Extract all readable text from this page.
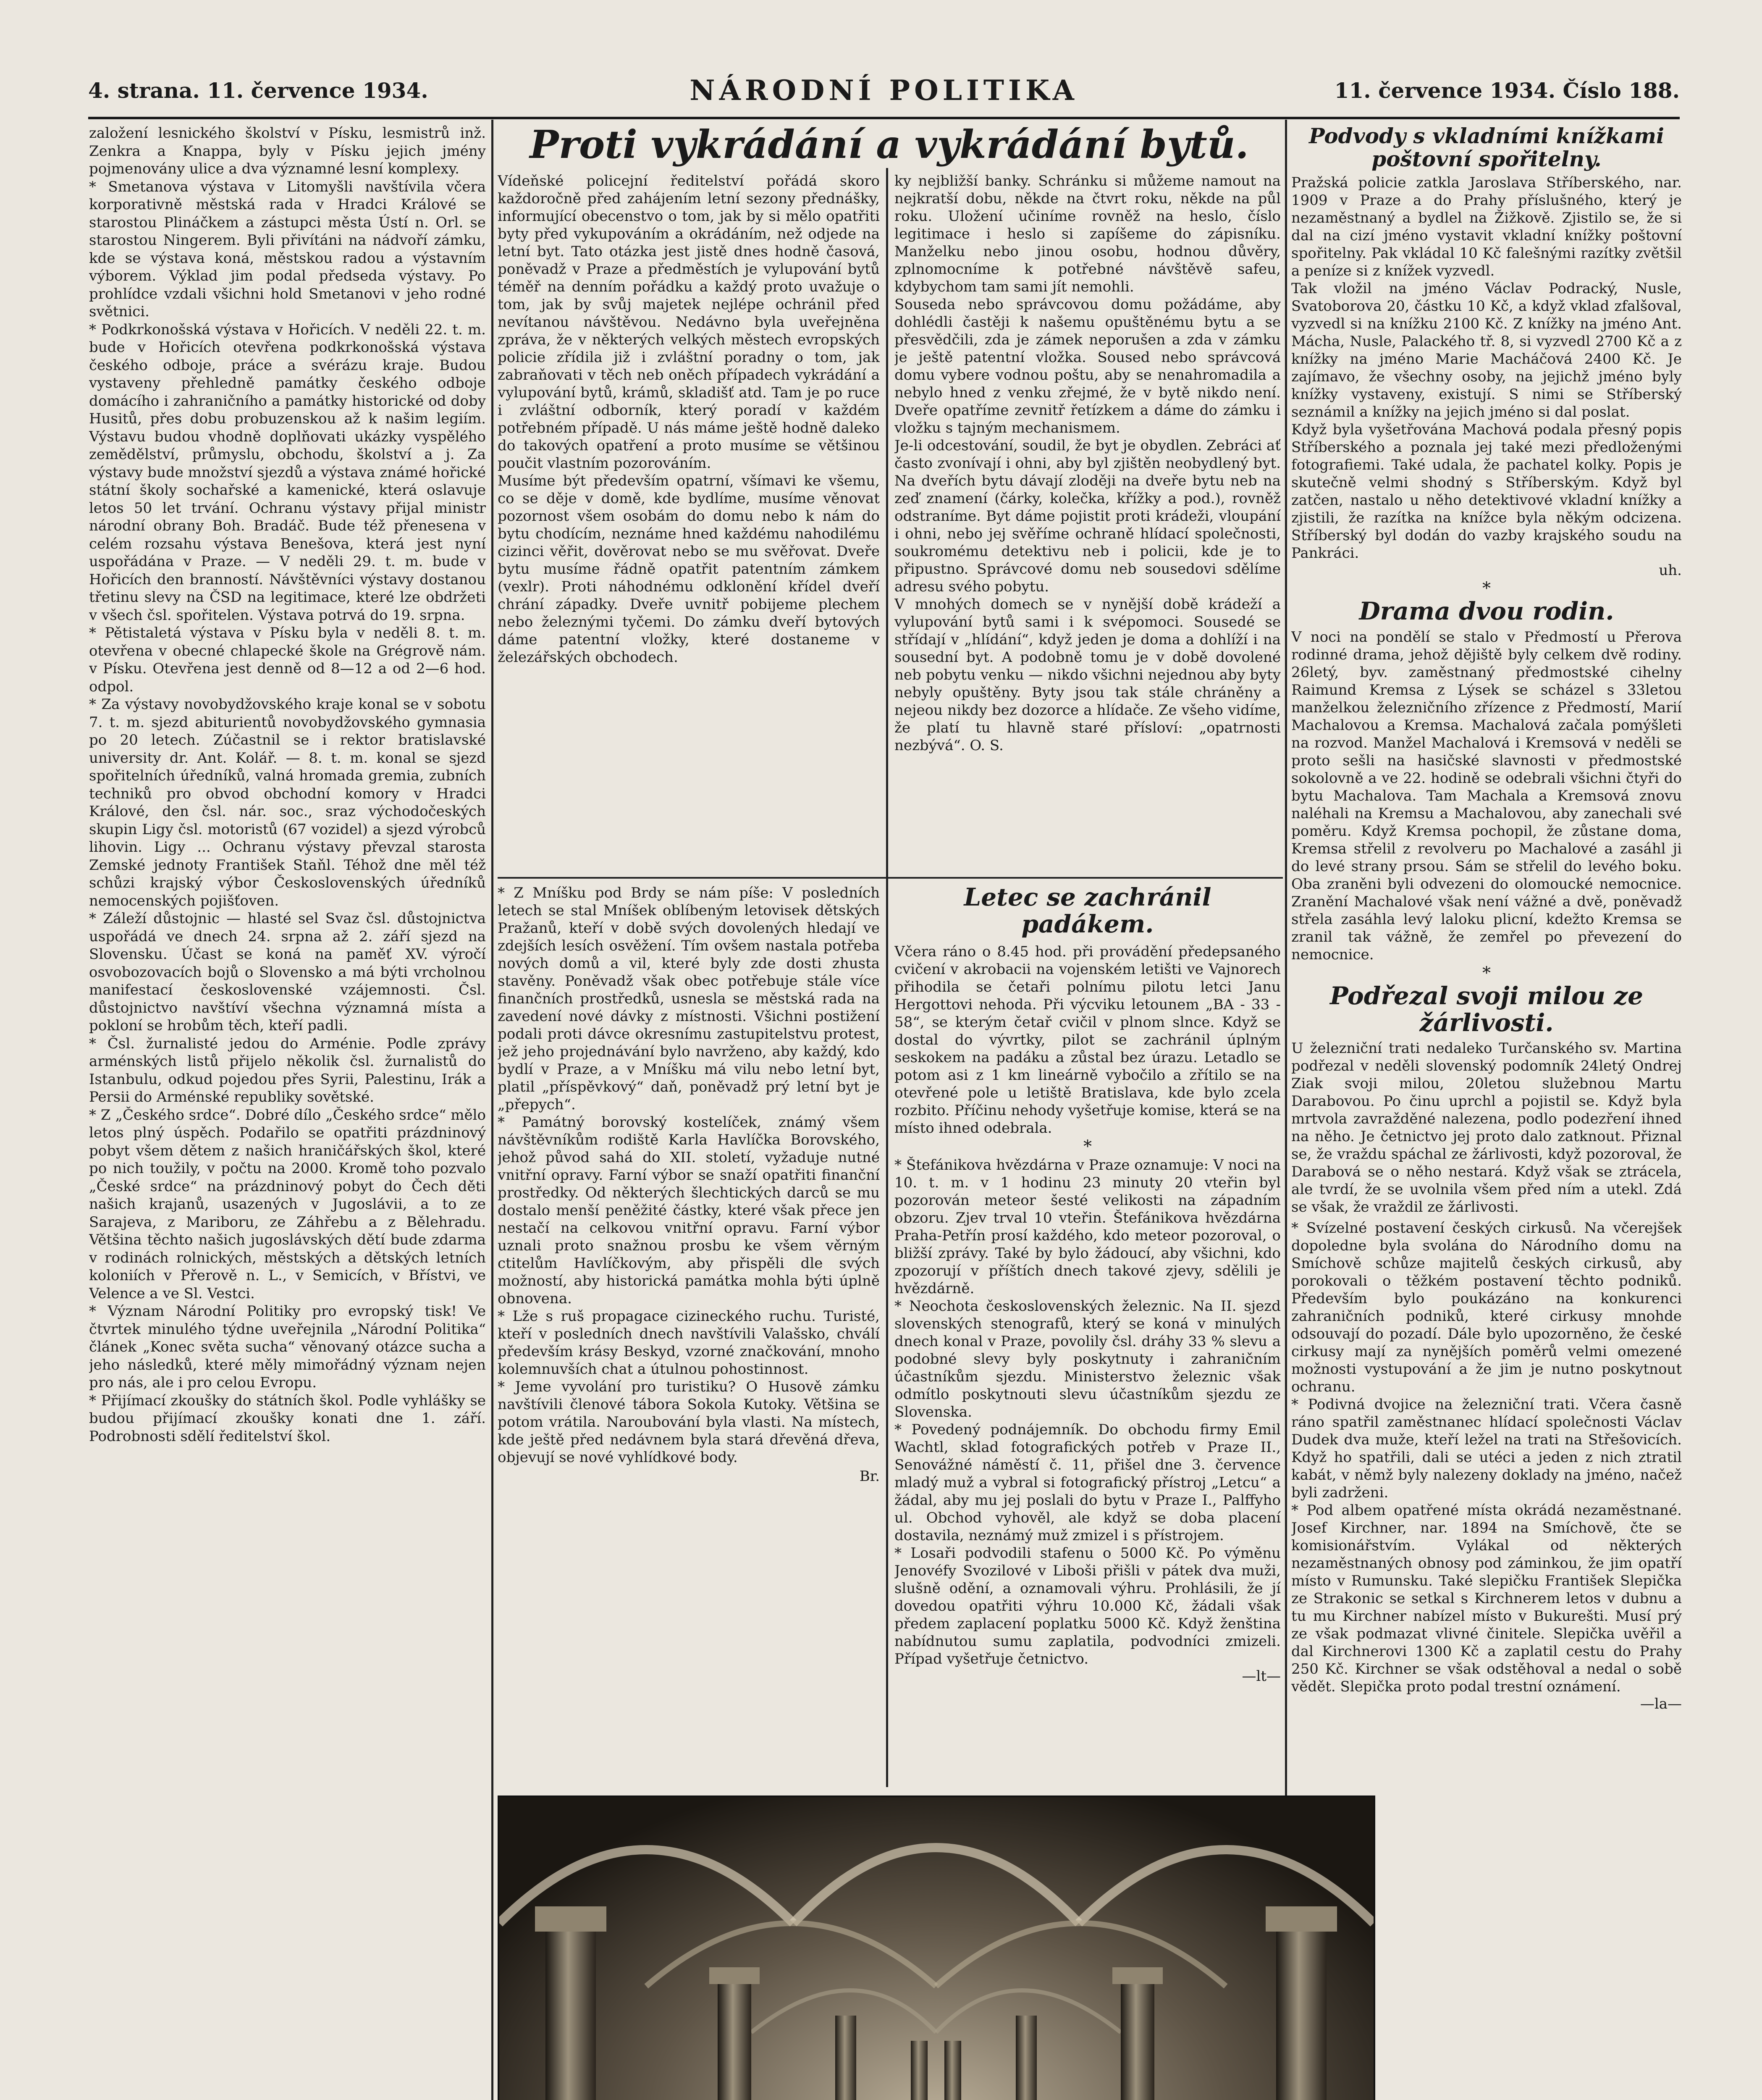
4. strana. 11. července 1934.	NÁRODNÍ POLITIKA	11. července 1934. Číslo 188.
založení lesnického školství v Písku, lesmistrů inž. Zenkra a Knappa, byly v Písku jejich jmény pojmenovány ulice a dva významné lesní komplexy.
* Smetanova výstava v Litomyšli navštívila včera korporativně městská rada v Hradci Králové se starostou Plináčkem a zástupci města Ústí n. Orl. se starostou Ningerem. Byli přivítáni na nádvoří zámku, kde se výstava koná, městskou radou a výstavním výborem. Výklad jim podal předseda výstavy. Po prohlídce vzdali všichni hold Smetanovi v jeho rodné světnici.
* Podkrkonošská výstava v Hořicích. V neděli 22. t. m. bude v Hořicích otevřena podkrkonošská výstava českého odboje, práce a svérázu kraje. Budou vystaveny přehledně památky českého odboje domácího i zahraničního a památky historické od doby Husitů, přes dobu probuzenskou až k našim legiím. Výstavu budou vhodně doplňovati ukázky vyspělého zemědělství, průmyslu, obchodu, školství a j. Za výstavy bude množství sjezdů a výstava známé hořické státní školy sochařské a kamenické, která oslavuje letos 50 let trvání. Ochranu výstavy přijal ministr národní obrany Boh. Bradáč. Bude též přenesena v celém rozsahu výstava Benešova, která jest nyní uspořádána v Praze. — V neděli 29. t. m. bude v Hořicích den branností. Návštěvníci výstavy dostanou třetinu slevy na ČSD na legitimace, které lze obdržeti v všech čsl. spořitelen. Výstava potrvá do 19. srpna.
* Pětistaletá výstava v Písku byla v neděli 8. t. m. otevřena v obecné chlapecké škole na Grégrově nám. v Písku. Otevřena jest denně od 8—12 a od 2—6 hod. odpol.
* Za výstavy novobydžovského kraje konal se v sobotu 7. t. m. sjezd abiturientů novobydžovského gymnasia po 20 letech. Zúčastnil se i rektor bratislavské university dr. Ant. Kolář. — 8. t. m. konal se sjezd spořitelních úředníků, valná hromada gremia, zubních techniků pro obvod obchodní komory v Hradci Králové, den čsl. nár. soc., sraz východočeských skupin Ligy čsl. motoristů (67 vozidel) a sjezd výrobců lihovin. Ligy ... Ochranu výstavy převzal starosta Zemské jednoty František Staňl. Téhož dne měl též schůzi krajský výbor Československých úředníků nemocenských pojišťoven.
* Záleží důstojnic — hlasté sel Svaz čsl. důstojnictva uspořádá ve dnech 24. srpna až 2. září sjezd na Slovensku. Účast se koná na paměť XV. výročí osvobozovacích bojů o Slovensko a má býti vrcholnou manifestací československé vzájemnosti. Čsl. důstojnictvo navštíví všechna významná místa a pokloní se hrobům těch, kteří padli.
* Čsl. žurnalisté jedou do Arménie. Podle zprávy arménských listů přijelo několik čsl. žurnalistů do Istanbulu, odkud pojedou přes Syrii, Palestinu, Irák a Persii do Arménské republiky sovětské.
* Z „Českého srdce“. Dobré dílo „Českého srdce“ mělo letos plný úspěch. Podařilo se opatřiti prázdninový pobyt všem dětem z našich hraničářských škol, které po nich toužily, v počtu na 2000. Kromě toho pozvalo „České srdce“ na prázdninový pobyt do Čech děti našich krajanů, usazených v Jugoslávii, a to ze Sarajeva, z Mariboru, ze Záhřebu a z Bělehradu. Většina těchto našich jugoslávských dětí bude zdarma v rodinách rolnických, městských a dětských letních koloniích v Přerově n. L., v Semicích, v Břístvi, ve Velence a ve Sl. Vestci.
* Význam Národní Politiky pro evropský tisk! Ve čtvrtek minulého týdne uveřejnila „Národní Politika“ článek „Konec světa sucha“ věnovaný otázce sucha a jeho následků, které měly mimořádný význam nejen pro nás, ale i pro celou Evropu.
* Přijímací zkoušky do státních škol. Podle vyhlášky se budou přijímací zkoušky konati dne 1. září. Podrobnosti sdělí ředitelství škol.
Proti vykrádání a vykrádání bytů.
Vídeňské policejní ředitelství pořádá skoro každoročně před zahájením letní sezony přednášky, informující obecenstvo o tom, jak by si mělo opatřiti byty před vykupováním a okrádáním, než odjede na letní byt. Tato otázka jest jistě dnes hodně časová, poněvadž v Praze a předměstích je vylupování bytů téměř na denním pořádku a každý proto uvažuje o tom, jak by svůj majetek nejlépe ochránil před nevítanou návštěvou. Nedávno byla uveřejněna zpráva, že v některých velkých městech evropských policie zřídila již i zvláštní poradny o tom, jak zabraňovati v těch neb oněch případech vykrádání a vylupování bytů, krámů, skladišť atd. Tam je po ruce i zvláštní odborník, který poradí v každém potřebném případě. U nás máme ještě hodně daleko do takových opatření a proto musíme se většinou poučit vlastním pozorováním.
Musíme být především opatrní, všímavi ke všemu, co se děje v domě, kde bydlíme, musíme věnovat pozornost všem osobám do domu nebo k nám do bytu chodícím, neznáme hned každému nahodilému cizinci věřit, dověrovat nebo se mu svěřovat. Dveře bytu musíme řádně opatřit patentním zámkem (vexlr). Proti náhodnému odklonění křídel dveří chrání západky. Dveře uvnitř pobijeme plechem nebo železnými tyčemi. Do zámku dveří bytových dáme patentní vložky, které dostaneme v železářských obchodech.
ky nejbližší banky. Schránku si můžeme namout na nejkratší dobu, někde na čtvrt roku, někde na půl roku. Uložení učiníme rovněž na heslo, číslo legitimace i heslo si zapíšeme do zápisníku. Manželku nebo jinou osobu, hodnou důvěry, zplnomocníme k potřebné návštěvě safeu, kdybychom tam sami jít nemohli.
Souseda nebo správcovou domu požádáme, aby dohlédli častěji k našemu opuštěnému bytu a se přesvědčili, zda je zámek neporušen a zda v zámku je ještě patentní vložka. Soused nebo správcová domu vybere vodnou poštu, aby se nenahromadila a nebylo hned z venku zřejmé, že v bytě nikdo není. Dveře opatříme zevnitř řetízkem a dáme do zámku i vložku s tajným mechanismem.
Je-li odcestování, soudil, že byt je obydlen. Zebráci ať často zvonívají i ohni, aby byl zjištěn neobydlený byt. Na dveřích bytu dávají zloději na dveře bytu neb na zeď znamení (čárky, kolečka, křížky a pod.), rovněž odstraníme. Byt dáme pojistit proti krádeži, vloupání i ohni, nebo jej svěříme ochraně hlídací společnosti, soukromému detektivu neb i policii, kde je to připustno. Správcové domu neb sousedovi sdělíme adresu svého pobytu.
V mnohých domech se v nynější době krádeží a vylupování bytů sami i k svépomoci. Sousedé se střídají v „hlídání“, když jeden je doma a dohlíží i na sousední byt. A podobně tomu je v době dovolené neb pobytu venku — nikdo všichni nejednou aby byty nebyly opuštěny. Byty jsou tak stále chráněny a nejeou nikdy bez dozorce a hlídače. Ze všeho vidíme, že platí tu hlavně staré přísloví: „opatrnosti nezbývá“. O. S.
* Z Mníšku pod Brdy se nám píše: V posledních letech se stal Mníšek oblíbeným letovisek dětských Pražanů, kteří v době svých dovolených hledají ve zdejších lesích osvěžení. Tím ovšem nastala potřeba nových domů a vil, které byly zde dosti zhusta stavěny. Poněvadž však obec potřebuje stále více finančních prostředků, usnesla se městská rada na zavedení nové dávky z místnosti. Všichni postižení podali proti dávce okresnímu zastupitelstvu protest, jež jeho projednávání bylo navrženo, aby každý, kdo bydlí v Praze, a v Mníšku má vilu nebo letní byt, platil „příspěvkový“ daň, poněvadž prý letní byt je „přepych“.
* Památný borovský kostelíček, známý všem návštěvníkům rodiště Karla Havlíčka Borovského, jehož původ sahá do XII. století, vyžaduje nutné vnitřní opravy. Farní výbor se snaží opatřiti finanční prostředky. Od některých šlechtických darců se mu dostalo menší peněžité částky, které však přece jen nestačí na celkovou vnitřní opravu. Farní výbor uznali proto snažnou prosbu ke všem věrným ctitelům Havlíčkovým, aby přispěli dle svých možností, aby historická památka mohla býti úplně obnovena.
* Lže s ruš propagace cizineckého ruchu. Turisté, kteří v posledních dnech navštívili Valašsko, chválí především krásy Beskyd, vzorné značkování, mnoho kolemnuvších chat a útulnou pohostinnost.
* Jeme vyvolání pro turistiku? O Husově zámku navštívili členové tábora Sokola Kutoky. Většina se potom vrátila. Naroubování byla vlasti. Na místech, kde ještě před nedávnem byla stará dřevěná dřeva, objevují se nové vyhlídkové body.
Br.
Letec se zachránil padákem.
Včera ráno o 8.45 hod. při provádění předepsaného cvičení v akrobacii na vojenském letišti ve Vajnorech přihodila se četaři polnímu pilotu letci Janu Hergottovi nehoda. Při výcviku letounem „BA - 33 - 58“, se kterým četař cvičil v plnom slnce. Když se dostal do vývrtky, pilot se zachránil úplným seskokem na padáku a zůstal bez úrazu. Letadlo se potom asi z 1 km lineárně vybočilo a zřítilo se na otevřené pole u letiště Bratislava, kde bylo zcela rozbito. Příčinu nehody vyšetřuje komise, která se na místo ihned odebrala.
*
* Štefánikova hvězdárna v Praze oznamuje: V noci na 10. t. m. v 1 hodinu 23 minuty 20 vteřin byl pozorován meteor šesté velikosti na západním obzoru. Zjev trval 10 vteřin. Štefánikova hvězdárna Praha-Petřín prosí každého, kdo meteor pozoroval, o bližší zprávy. Také by bylo žádoucí, aby všichni, kdo zpozorují v příštích dnech takové zjevy, sdělili je hvězdárně.
* Neochota československých železnic. Na II. sjezd slovenských stenografů, který se koná v minulých dnech konal v Praze, povolily čsl. dráhy 33 % slevu a podobné slevy byly poskytnuty i zahraničním účastníkům sjezdu. Ministerstvo železnic však odmítlo poskytnouti slevu účastníkům sjezdu ze Slovenska.
* Povedený podnájemník. Do obchodu firmy Emil Wachtl, sklad fotografických potřeb v Praze II., Senovážné náměstí č. 11, přišel dne 3. července mladý muž a vybral si fotografický přístroj „Letcu“ a žádal, aby mu jej poslali do bytu v Praze I., Palffyho ul. Obchod vyhověl, ale když se doba placení dostavila, neznámý muž zmizel i s přístrojem.
* Losaři podvodili stafenu o 5000 Kč. Po výměnu Jenovéfy Svozilové v Liboši přišli v pátek dva muži, slušně odění, a oznamovali výhru. Prohlásili, že jí dovedou opatřiti výhru 10.000 Kč, žádali však předem zaplacení poplatku 5000 Kč. Když ženština nabídnutou sumu zaplatila, podvodníci zmizeli. Případ vyšetřuje četnictvo.
—lt—
Podvody s vkladními knížkami poštovní spořitelny.
Pražská policie zatkla Jaroslava Stříberského, nar. 1909 v Praze a do Prahy příslušného, který je nezaměstnaný a bydlel na Žižkově. Zjistilo se, že si dal na cizí jméno vystavit vkladní knížky poštovní spořitelny. Pak vkládal 10 Kč falešnými razítky zvětšil a penízе si z knížek vyzvedl.
Tak vložil na jméno Václav Podracký, Nusle, Svatoborova 20, částku 10 Kč, a když vklad zfalšoval, vyzvedl si na knížku 2100 Kč. Z knížky na jméno Ant. Mácha, Nusle, Palackého tř. 8, si vyzvedl 2700 Kč a z knížky na jméno Marie Macháčová 2400 Kč. Je zajímavo, že všechny osoby, na jejichž jméno byly knížky vystaveny, existují. S nimi se Stříberský seznámil a knížky na jejich jméno si dal poslat.
Když byla vyšetřována Machová podala přesný popis Stříberského a poznala jej také mezi předloženými fotografiemi. Také udala, že pachatel kolky. Popis je skutečně velmi shodný s Stříberským. Když byl zatčen, nastalo u něho detektivové vkladní knížky a zjistili, že razítka na knížce byla někým odcizena. Stříberský byl dodán do vazby krajského soudu na Pankráci.
uh.
*
Drama dvou rodin.
V noci na pondělí se stalo v Předmostí u Přerova rodinné drama, jehož dějiště byly celkem dvě rodiny. 26letý, byv. zaměstnaný předmostské cihelny Raimund Kremsa z Lýsek se scházel s 33letou manželkou železničního zřízence z Předmostí, Marií Machalovou a Kremsa. Machalová začala pomýšleti na rozvod. Manžel Machalová i Kremsová v neděli se proto sešli na hasičské slavnosti v předmostské sokolovně a ve 22. hodině se odebrali všichni čtyři do bytu Machalova. Tam Machala a Kremsová znovu naléhali na Kremsu a Machalovou, aby zanechali své poměru. Když Kremsa pochopil, že zůstane doma, Kremsa střelil z revolveru po Machalové a zasáhl ji do levé strany prsou. Sám se střelil do levého boku. Oba zraněni byli odvezeni do olomoucké nemocnice. Zranění Machalové však není vážné a dvě, poněvadž střela zasáhla levý laloku plicní, kdežto Kremsa se zranil tak vážně, že zemřel po převezení do nemocnice.
*
Podřezal svoji milou ze žárlivosti.
U železniční trati nedaleko Turčanského sv. Martina podřezal v neděli slovenský podomník 24letý Ondrej Ziak svoji milou, 20letou služebnou Martu Darabovou. Po činu uprchl a pojistil se. Když byla mrtvola zavražděné nalezena, podlo podezření ihned na něho. Je četnictvo jej proto dalo zatknout. Přiznal se, že vraždu spáchal ze žárlivosti, když pozoroval, že Darabová se o něho nestará. Když však se ztrácela, ale tvrdí, že se uvolnila všem před ním a utekl. Zdá se však, že vraždil ze žárlivosti.
* Svízelné postavení českých cirkusů. Na včerejšek dopoledne byla svolána do Národního domu na Smíchově schůze majitelů českých cirkusů, aby porokovali o těžkém postavení těchto podniků. Především bylo poukázáno na konkurenci zahraničních podniků, které cirkusy mnohde odsouvají do pozadí. Dále bylo upozorněno, že české cirkusy mají za nynějších poměrů velmi omezené možnosti vystupování a že jim je nutno poskytnout ochranu.
* Podivná dvojice na železniční trati. Včera časně ráno spatřil zaměstnanec hlídací společnosti Václav Dudek dva muže, kteří ležel na trati na Střešovicích. Když ho spatřili, dali se utéci a jeden z nich ztratil kabát, v němž byly nalezeny doklady na jméno, načež byli zadrženi.
* Pod albem opatřené místa okrádá nezaměstnané. Josef Kirchner, nar. 1894 na Smíchově, čte se komisionářstvím. Vylákal od některých nezaměstnaných obnosy pod záminkou, že jim opatří místo v Rumunsku. Také slepičku František Slepička ze Strakonic se setkal s Kirchnerem letos v dubnu a tu mu Kirchner nabízel místo v Bukurešti. Musí prý ze však podmazat vlivné činitele. Slepička uvěřil a dal Kirchnerovi 1300 Kč a zaplatil cestu do Prahy 250 Kč. Kirchner se však odstěhoval a nedal o sobě vědět. Slepička proto podal trestní oznámení.
—la—
